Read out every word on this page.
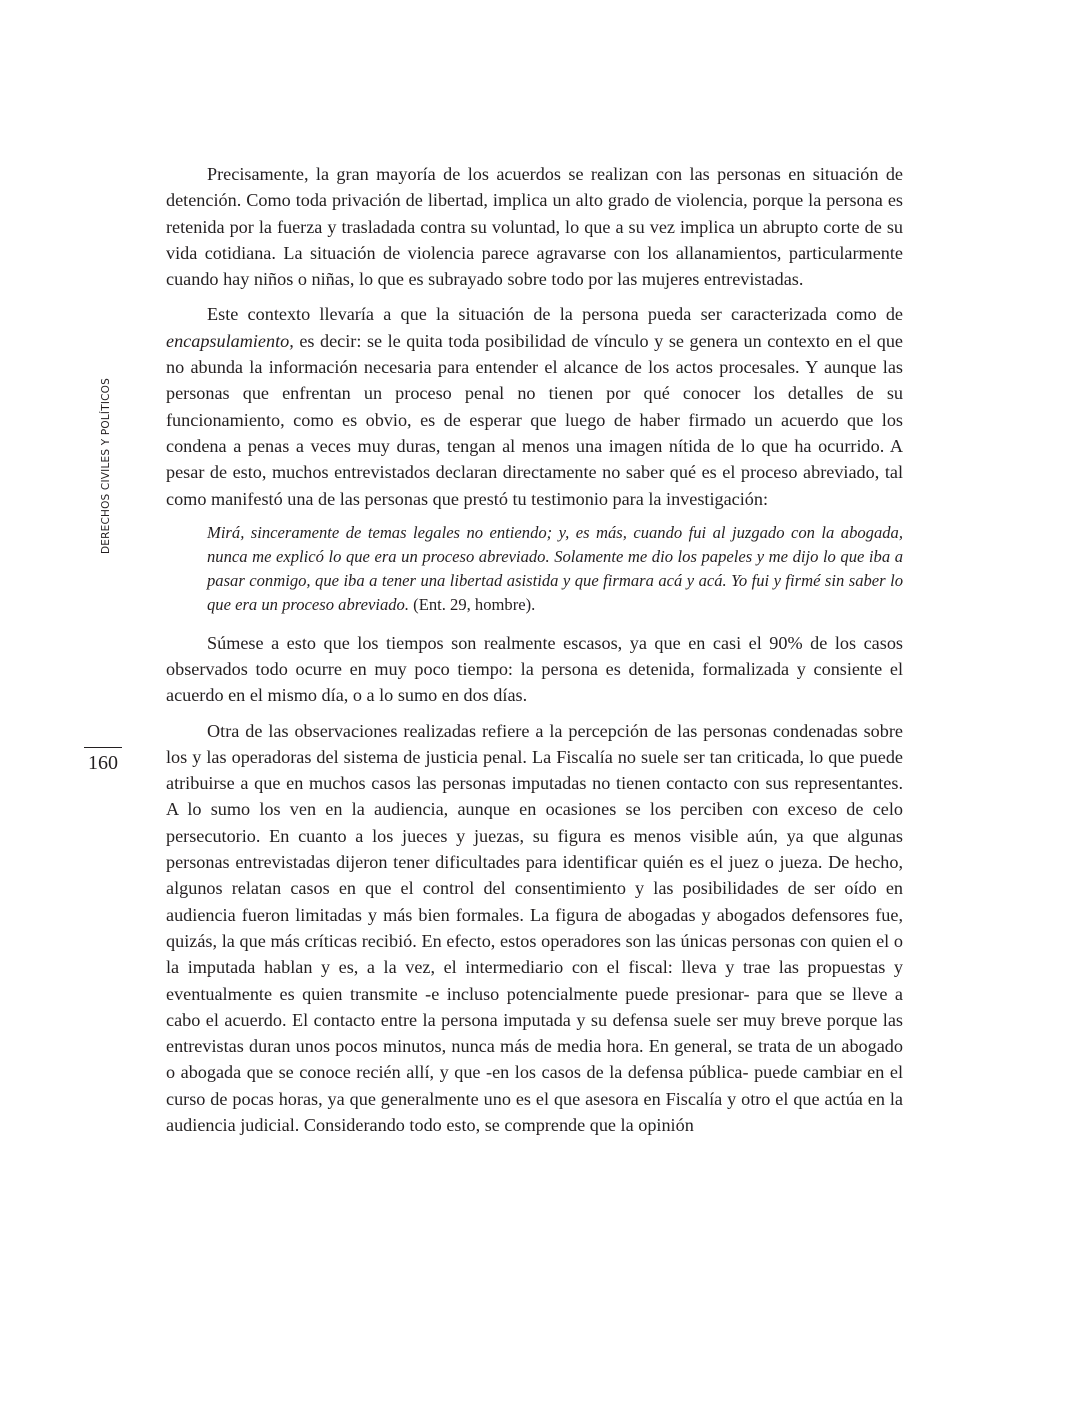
DERECHOS CIVILES Y POLÍTICOS
160

Precisamente, la gran mayoría de los acuerdos se realizan con las personas en situación de detención. Como toda privación de libertad, implica un alto grado de violencia, porque la persona es retenida por la fuerza y trasladada contra su voluntad, lo que a su vez implica un abrupto corte de su vida cotidiana. La situación de violencia parece agravarse con los allanamientos, particularmente cuando hay niños o niñas, lo que es subrayado sobre todo por las mujeres entrevistadas.

Este contexto llevaría a que la situación de la persona pueda ser caracterizada como de encapsulamiento, es decir: se le quita toda posibilidad de vínculo y se genera un contexto en el que no abunda la información necesaria para entender el alcance de los actos procesales. Y aunque las personas que enfrentan un proceso penal no tienen por qué conocer los detalles de su funcionamiento, como es obvio, es de esperar que luego de haber firmado un acuerdo que los condena a penas a veces muy duras, tengan al menos una imagen nítida de lo que ha ocurrido. A pesar de esto, muchos entrevistados declaran directamente no saber qué es el proceso abreviado, tal como manifestó una de las personas que prestó tu testimonio para la investigación:

Mirá, sinceramente de temas legales no entiendo; y, es más, cuando fui al juzgado con la abogada, nunca me explicó lo que era un proceso abreviado. Solamente me dio los papeles y me dijo lo que iba a pasar conmigo, que iba a tener una libertad asistida y que firmara acá y acá. Yo fui y firmé sin saber lo que era un proceso abreviado. (Ent. 29, hombre).

Súmese a esto que los tiempos son realmente escasos, ya que en casi el 90% de los casos observados todo ocurre en muy poco tiempo: la persona es detenida, formalizada y consiente el acuerdo en el mismo día, o a lo sumo en dos días.

Otra de las observaciones realizadas refiere a la percepción de las personas condenadas sobre los y las operadoras del sistema de justicia penal. La Fiscalía no suele ser tan criticada, lo que puede atribuirse a que en muchos casos las personas imputadas no tienen contacto con sus representantes. A lo sumo los ven en la audiencia, aunque en ocasiones se los perciben con exceso de celo persecutorio. En cuanto a los jueces y juezas, su figura es menos visible aún, ya que algunas personas entrevistadas dijeron tener dificultades para identificar quién es el juez o jueza. De hecho, algunos relatan casos en que el control del consentimiento y las posibilidades de ser oído en audiencia fueron limitadas y más bien formales. La figura de abogadas y abogados defensores fue, quizás, la que más críticas recibió. En efecto, estos operadores son las únicas personas con quien el o la imputada hablan y es, a la vez, el intermediario con el fiscal: lleva y trae las propuestas y eventualmente es quien transmite -e incluso potencialmente puede presionar- para que se lleve a cabo el acuerdo. El contacto entre la persona imputada y su defensa suele ser muy breve porque las entrevistas duran unos pocos minutos, nunca más de media hora. En general, se trata de un abogado o abogada que se conoce recién allí, y que -en los casos de la defensa pública- puede cambiar en el curso de pocas horas, ya que generalmente uno es el que asesora en Fiscalía y otro el que actúa en la audiencia judicial. Considerando todo esto, se comprende que la opinión
